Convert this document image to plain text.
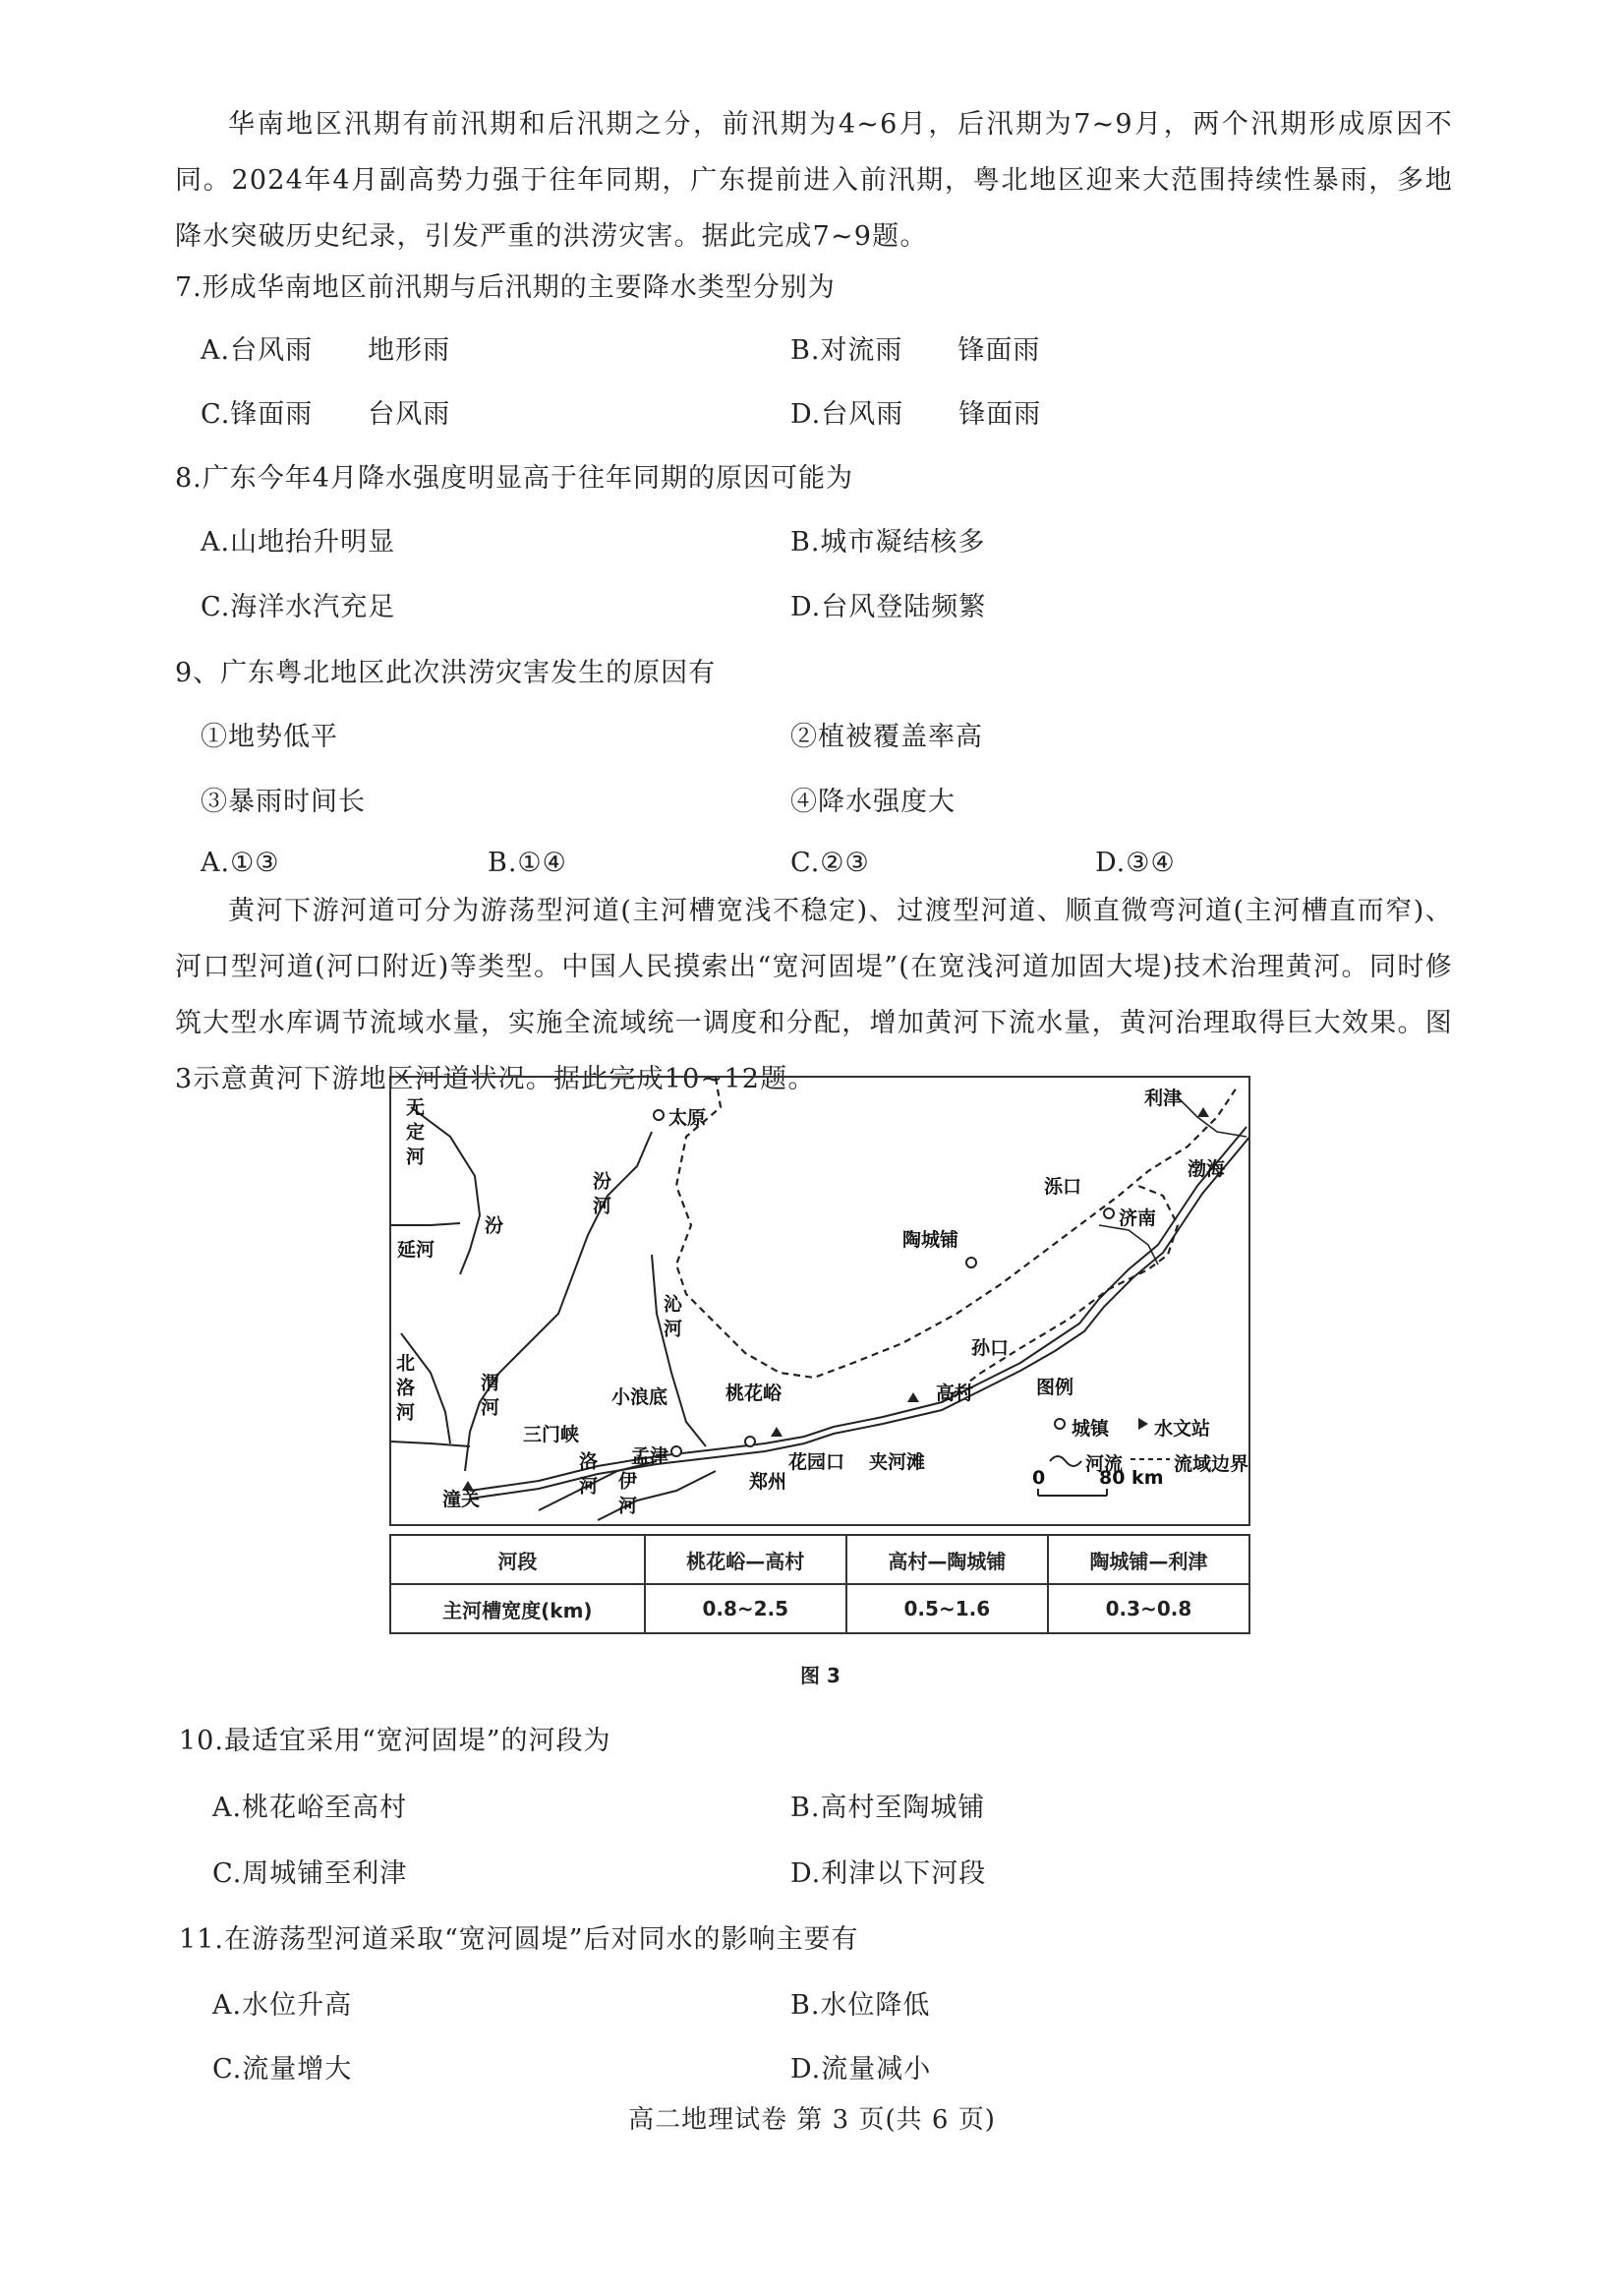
华南地区汛期有前汛期和后汛期之分，前汛期为4~6月，后汛期为7~9月，两个汛期形成原因不同。2024年4月副高势力强于往年同期，广东提前进入前汛期，粤北地区迎来大范围持续性暴雨，多地降水突破历史纪录，引发严重的洪涝灾害。据此完成7~9题。
7.形成华南地区前汛期与后汛期的主要降水类型分别为
A.台风雨　　地形雨	B.对流雨　　锋面雨
C.锋面雨　　台风雨	D.台风雨　　锋面雨
8.广东今年4月降水强度明显高于往年同期的原因可能为
A.山地抬升明显	B.城市凝结核多
C.海洋水汽充足	D.台风登陆频繁
9、广东粤北地区此次洪涝灾害发生的原因有
①地势低平	②植被覆盖率高
③暴雨时间长	④降水强度大
A.①③	B.①④	C.②③	D.③④
黄河下游河道可分为游荡型河道(主河槽宽浅不稳定)、过渡型河道、顺直微弯河道(主河槽直而窄)、河口型河道(河口附近)等类型。中国人民摸索出“宽河固堤”(在宽浅河道加固大堤)技术治理黄河。同时修筑大型水库调节流域水量，实施全流域统一调度和分配，增加黄河下流水量，黄河治理取得巨大效果。图3示意黄河下游地区河道状况。据此完成10~12题。
太原
利津
渤海
泺口
济南
陶城铺
孙口
高村
小浪底	桃花峪
三门峡
孟津	花园口 夹河滩
郑州
潼关
延河
无定河
汾河
汾
沁河
北洛河	渭河
洛河 伊河
图例
城镇 水文站
河流	流域边界
0	80 km
河段	桃花峪—高村	高村—陶城铺	陶城铺—利津
主河槽宽度(km)	0.8~2.5	0.5~1.6	0.3~0.8
图 3
10.最适宜采用“宽河固堤”的河段为
A.桃花峪至高村	B.高村至陶城铺
C.周城铺至利津	D.利津以下河段
11.在游荡型河道采取“宽河圆堤”后对同水的影响主要有
A.水位升高	B.水位降低
C.流量增大	D.流量减小
高二地理试卷 第 3 页(共 6 页)
